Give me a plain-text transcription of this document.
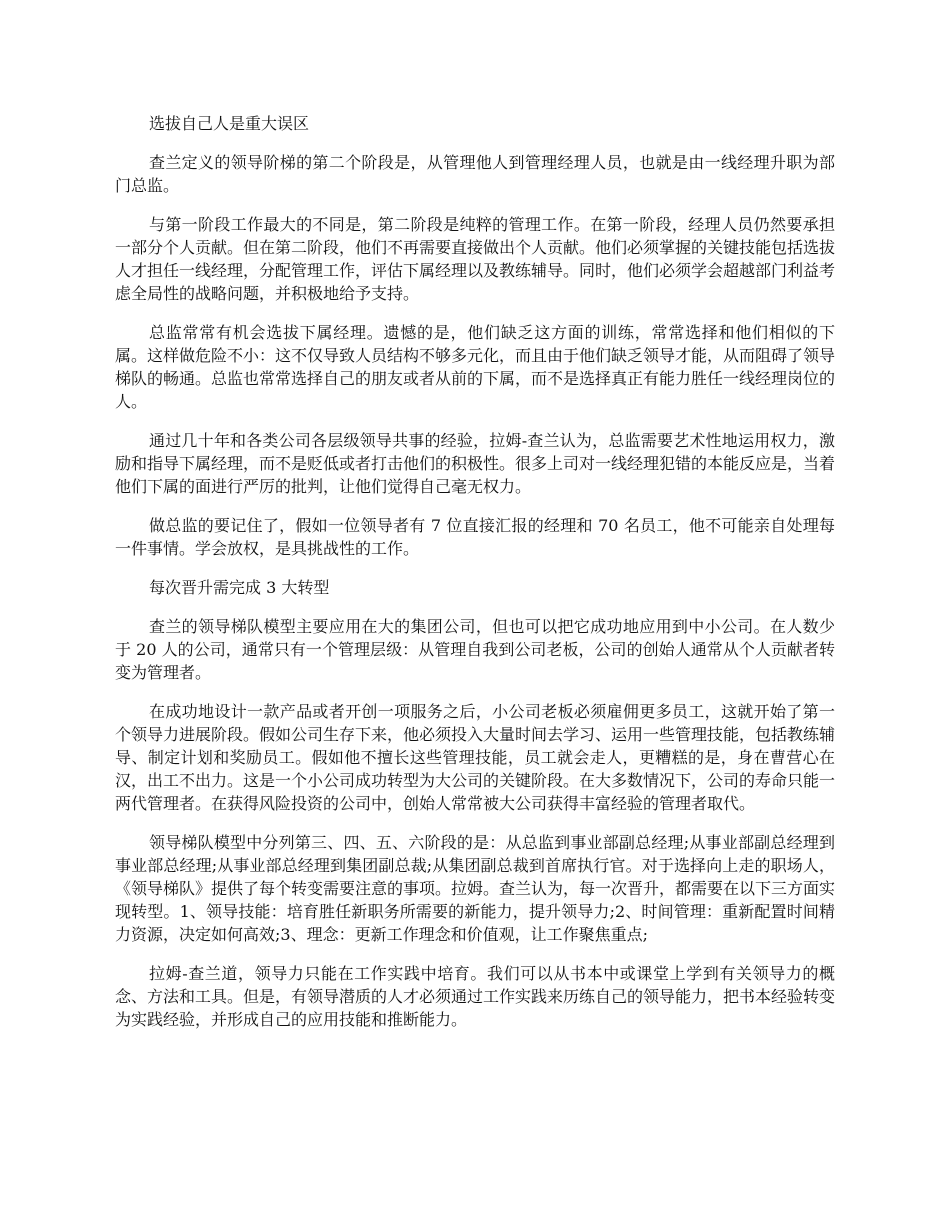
选拔自己人是重大误区

查兰定义的领导阶梯的第二个阶段是，从管理他人到管理经理人员，也就是由一线经理升职为部门总监。

与第一阶段工作最大的不同是，第二阶段是纯粹的管理工作。在第一阶段，经理人员仍然要承担一部分个人贡献。但在第二阶段，他们不再需要直接做出个人贡献。他们必须掌握的关键技能包括选拔人才担任一线经理，分配管理工作，评估下属经理以及教练辅导。同时，他们必须学会超越部门利益考虑全局性的战略问题，并积极地给予支持。

总监常常有机会选拔下属经理。遗憾的是，他们缺乏这方面的训练，常常选择和他们相似的下属。这样做危险不小：这不仅导致人员结构不够多元化，而且由于他们缺乏领导才能，从而阻碍了领导梯队的畅通。总监也常常选择自己的朋友或者从前的下属，而不是选择真正有能力胜任一线经理岗位的人。

通过几十年和各类公司各层级领导共事的经验，拉姆-查兰认为，总监需要艺术性地运用权力，激励和指导下属经理，而不是贬低或者打击他们的积极性。很多上司对一线经理犯错的本能反应是，当着他们下属的面进行严厉的批判，让他们觉得自己毫无权力。

做总监的要记住了，假如一位领导者有 7 位直接汇报的经理和 70 名员工，他不可能亲自处理每一件事情。学会放权，是具挑战性的工作。

每次晋升需完成 3 大转型

查兰的领导梯队模型主要应用在大的集团公司，但也可以把它成功地应用到中小公司。在人数少于 20 人的公司，通常只有一个管理层级：从管理自我到公司老板，公司的创始人通常从个人贡献者转变为管理者。

在成功地设计一款产品或者开创一项服务之后，小公司老板必须雇佣更多员工，这就开始了第一个领导力进展阶段。假如公司生存下来，他必须投入大量时间去学习、运用一些管理技能，包括教练辅导、制定计划和奖励员工。假如他不擅长这些管理技能，员工就会走人，更糟糕的是，身在曹营心在汉，出工不出力。这是一个小公司成功转型为大公司的关键阶段。在大多数情况下，公司的寿命只能一两代管理者。在获得风险投资的公司中，创始人常常被大公司获得丰富经验的管理者取代。

领导梯队模型中分列第三、四、五、六阶段的是：从总监到事业部副总经理;从事业部副总经理到事业部总经理;从事业部总经理到集团副总裁;从集团副总裁到首席执行官。对于选择向上走的职场人，《领导梯队》提供了每个转变需要注意的事项。拉姆。查兰认为，每一次晋升，都需要在以下三方面实现转型。1、领导技能：培育胜任新职务所需要的新能力，提升领导力;2、时间管理：重新配置时间精力资源，决定如何高效;3、理念：更新工作理念和价值观，让工作聚焦重点;

拉姆-查兰道，领导力只能在工作实践中培育。我们可以从书本中或课堂上学到有关领导力的概念、方法和工具。但是，有领导潜质的人才必须通过工作实践来历练自己的领导能力，把书本经验转变为实践经验，并形成自己的应用技能和推断能力。
